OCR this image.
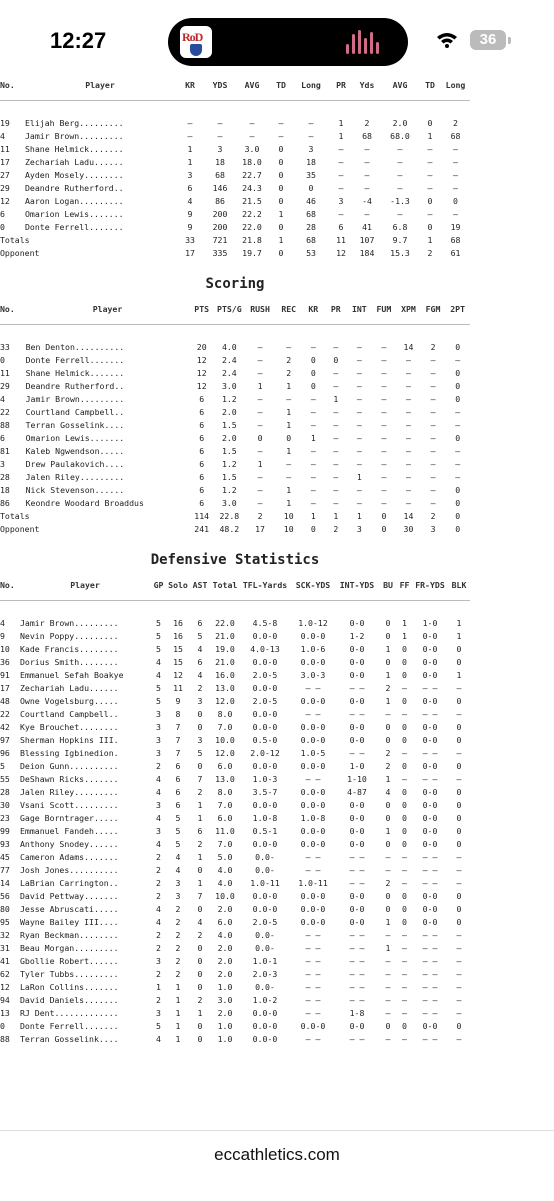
12:27	RoD	36
No.	Player	KR	YDS	AVG	TD	Long	PR	Yds	AVG	TD	Long

19	Elijah Berg.........	–	–	–	–	–	1	2	2.0	0	2
4	Jamir Brown.........	–	–	–	–	–	1	68	68.0	1	68
11	Shane Helmick.......	1	3	3.0	0	3	–	–	–	–	–
17	Zechariah Ladu......	1	18	18.0	0	18	–	–	–	–	–
27	Ayden Mosely........	3	68	22.7	0	35	–	–	–	–	–
29	Deandre Rutherford..	6	146	24.3	0	0	–	–	–	–	–
12	Aaron Logan.........	4	86	21.5	0	46	3	-4	-1.3	0	0
6	Omarion Lewis.......	9	200	22.2	1	68	–	–	–	–	–
0	Donte Ferrell.......	9	200	22.0	0	28	6	41	6.8	0	19
Totals		33	721	21.8	1	68	11	107	9.7	1	68
Opponent		17	335	19.7	0	53	12	184	15.3	2	61
Scoring
No.	Player	PTS	PTS/G	RUSH	REC	KR	PR	INT	FUM	XPM	FGM	2PT

33	Ben Denton..........	20	4.0	–	–	–	–	–	–	14	2	0
0	Donte Ferrell.......	12	2.4	–	2	0	0	–	–	–	–	–
11	Shane Helmick.......	12	2.4	–	2	0	–	–	–	–	–	0
29	Deandre Rutherford..	12	3.0	1	1	0	–	–	–	–	–	0
4	Jamir Brown.........	6	1.2	–	–	–	1	–	–	–	–	0
22	Courtland Campbell..	6	2.0	–	1	–	–	–	–	–	–	–
88	Terran Gosselink....	6	1.5	–	1	–	–	–	–	–	–	–
6	Omarion Lewis.......	6	2.0	0	0	1	–	–	–	–	–	0
81	Kaleb Ngwendson.....	6	1.5	–	1	–	–	–	–	–	–	–
3	Drew Paulakovich....	6	1.2	1	–	–	–	–	–	–	–	–
28	Jalen Riley.........	6	1.5	–	–	–	–	1	–	–	–	–
18	Nick Stevenson......	6	1.2	–	1	–	–	–	–	–	–	0
86	Keondre Woodard Broaddus	6	3.0	–	1	–	–	–	–	–	–	0
Totals		114	22.8	2	10	1	1	1	0	14	2	0
Opponent		241	48.2	17	10	0	2	3	0	30	3	0
Defensive Statistics
No.	Player	GP	Solo	AST	Total	TFL-Yards	SCK-YDS	INT-YDS	BU	FF	FR-YDS	BLK

4	Jamir Brown.........	5	16	6	22.0	4.5-8	1.0-12	0-0	0	1	1-0	1
9	Nevin Poppy.........	5	16	5	21.0	0.0-0	0.0-0	1-2	0	1	0-0	1
10	Kade Francis........	5	15	4	19.0	4.0-13	1.0-6	0-0	1	0	0-0	0
36	Dorius Smith........	4	15	6	21.0	0.0-0	0.0-0	0-0	0	0	0-0	0
91	Emmanuel Sefah Boakye	4	12	4	16.0	2.0-5	3.0-3	0-0	1	0	0-0	1
17	Zechariah Ladu......	5	11	2	13.0	0.0-0	– –	– –	2	–	– –	–
48	Owne Vogelsburg.....	5	9	3	12.0	2.0-5	0.0-0	0-0	1	0	0-0	0
22	Courtland Campbell..	3	8	0	8.0	0.0-0	– –	– –	–	–	– –	–
42	Kye Brouchet........	3	7	0	7.0	0.0-0	0.0-0	0-0	0	0	0-0	0
97	Sherman Hopkins III.	3	7	3	10.0	0.5-0	0.0-0	0-0	0	0	0-0	0
96	Blessing Igbinedion.	3	7	5	12.0	2.0-12	1.0-5	– –	2	–	– –	–
5	Deion Gunn..........	2	6	0	6.0	0.0-0	0.0-0	1-0	2	0	0-0	0
55	DeShawn Ricks.......	4	6	7	13.0	1.0-3	– –	1-10	1	–	– –	–
28	Jalen Riley.........	4	6	2	8.0	3.5-7	0.0-0	4-87	4	0	0-0	0
30	Vsani Scott.........	3	6	1	7.0	0.0-0	0.0-0	0-0	0	0	0-0	0
23	Gage Borntrager.....	4	5	1	6.0	1.0-8	1.0-8	0-0	0	0	0-0	0
99	Emmanuel Fandeh.....	3	5	6	11.0	0.5-1	0.0-0	0-0	1	0	0-0	0
93	Anthony Snodey......	4	5	2	7.0	0.0-0	0.0-0	0-0	0	0	0-0	0
45	Cameron Adams.......	2	4	1	5.0	0.0-	– –	– –	–	–	– –	–
77	Josh Jones..........	2	4	0	4.0	0.0-	– –	– –	–	–	– –	–
14	LaBrian Carrington..	2	3	1	4.0	1.0-11	1.0-11	– –	2	–	– –	–
56	David Pettway.......	2	3	7	10.0	0.0-0	0.0-0	0-0	0	0	0-0	0
80	Jesse Abruscati.....	4	2	0	2.0	0.0-0	0.0-0	0-0	0	0	0-0	0
95	Wayne Bailey III....	4	2	4	6.0	2.0-5	0.0-0	0-0	1	0	0-0	0
32	Ryan Beckman........	2	2	2	4.0	0.0-	– –	– –	–	–	– –	–
31	Beau Morgan.........	2	2	0	2.0	0.0-	– –	– –	1	–	– –	–
41	Gbollie Robert......	3	2	0	2.0	1.0-1	– –	– –	–	–	– –	–
62	Tyler Tubbs.........	2	2	0	2.0	2.0-3	– –	– –	–	–	– –	–
12	LaRon Collins.......	1	1	0	1.0	0.0-	– –	– –	–	–	– –	–
94	David Daniels.......	2	1	2	3.0	1.0-2	– –	– –	–	–	– –	–
13	RJ Dent.............	3	1	1	2.0	0.0-0	– –	1-8	–	–	– –	–
0	Donte Ferrell.......	5	1	0	1.0	0.0-0	0.0-0	0-0	0	0	0-0	0
88	Terran Gosselink....	4	1	0	1.0	0.0-0	– –	– –	–	–	– –	–
eccathletics.com
